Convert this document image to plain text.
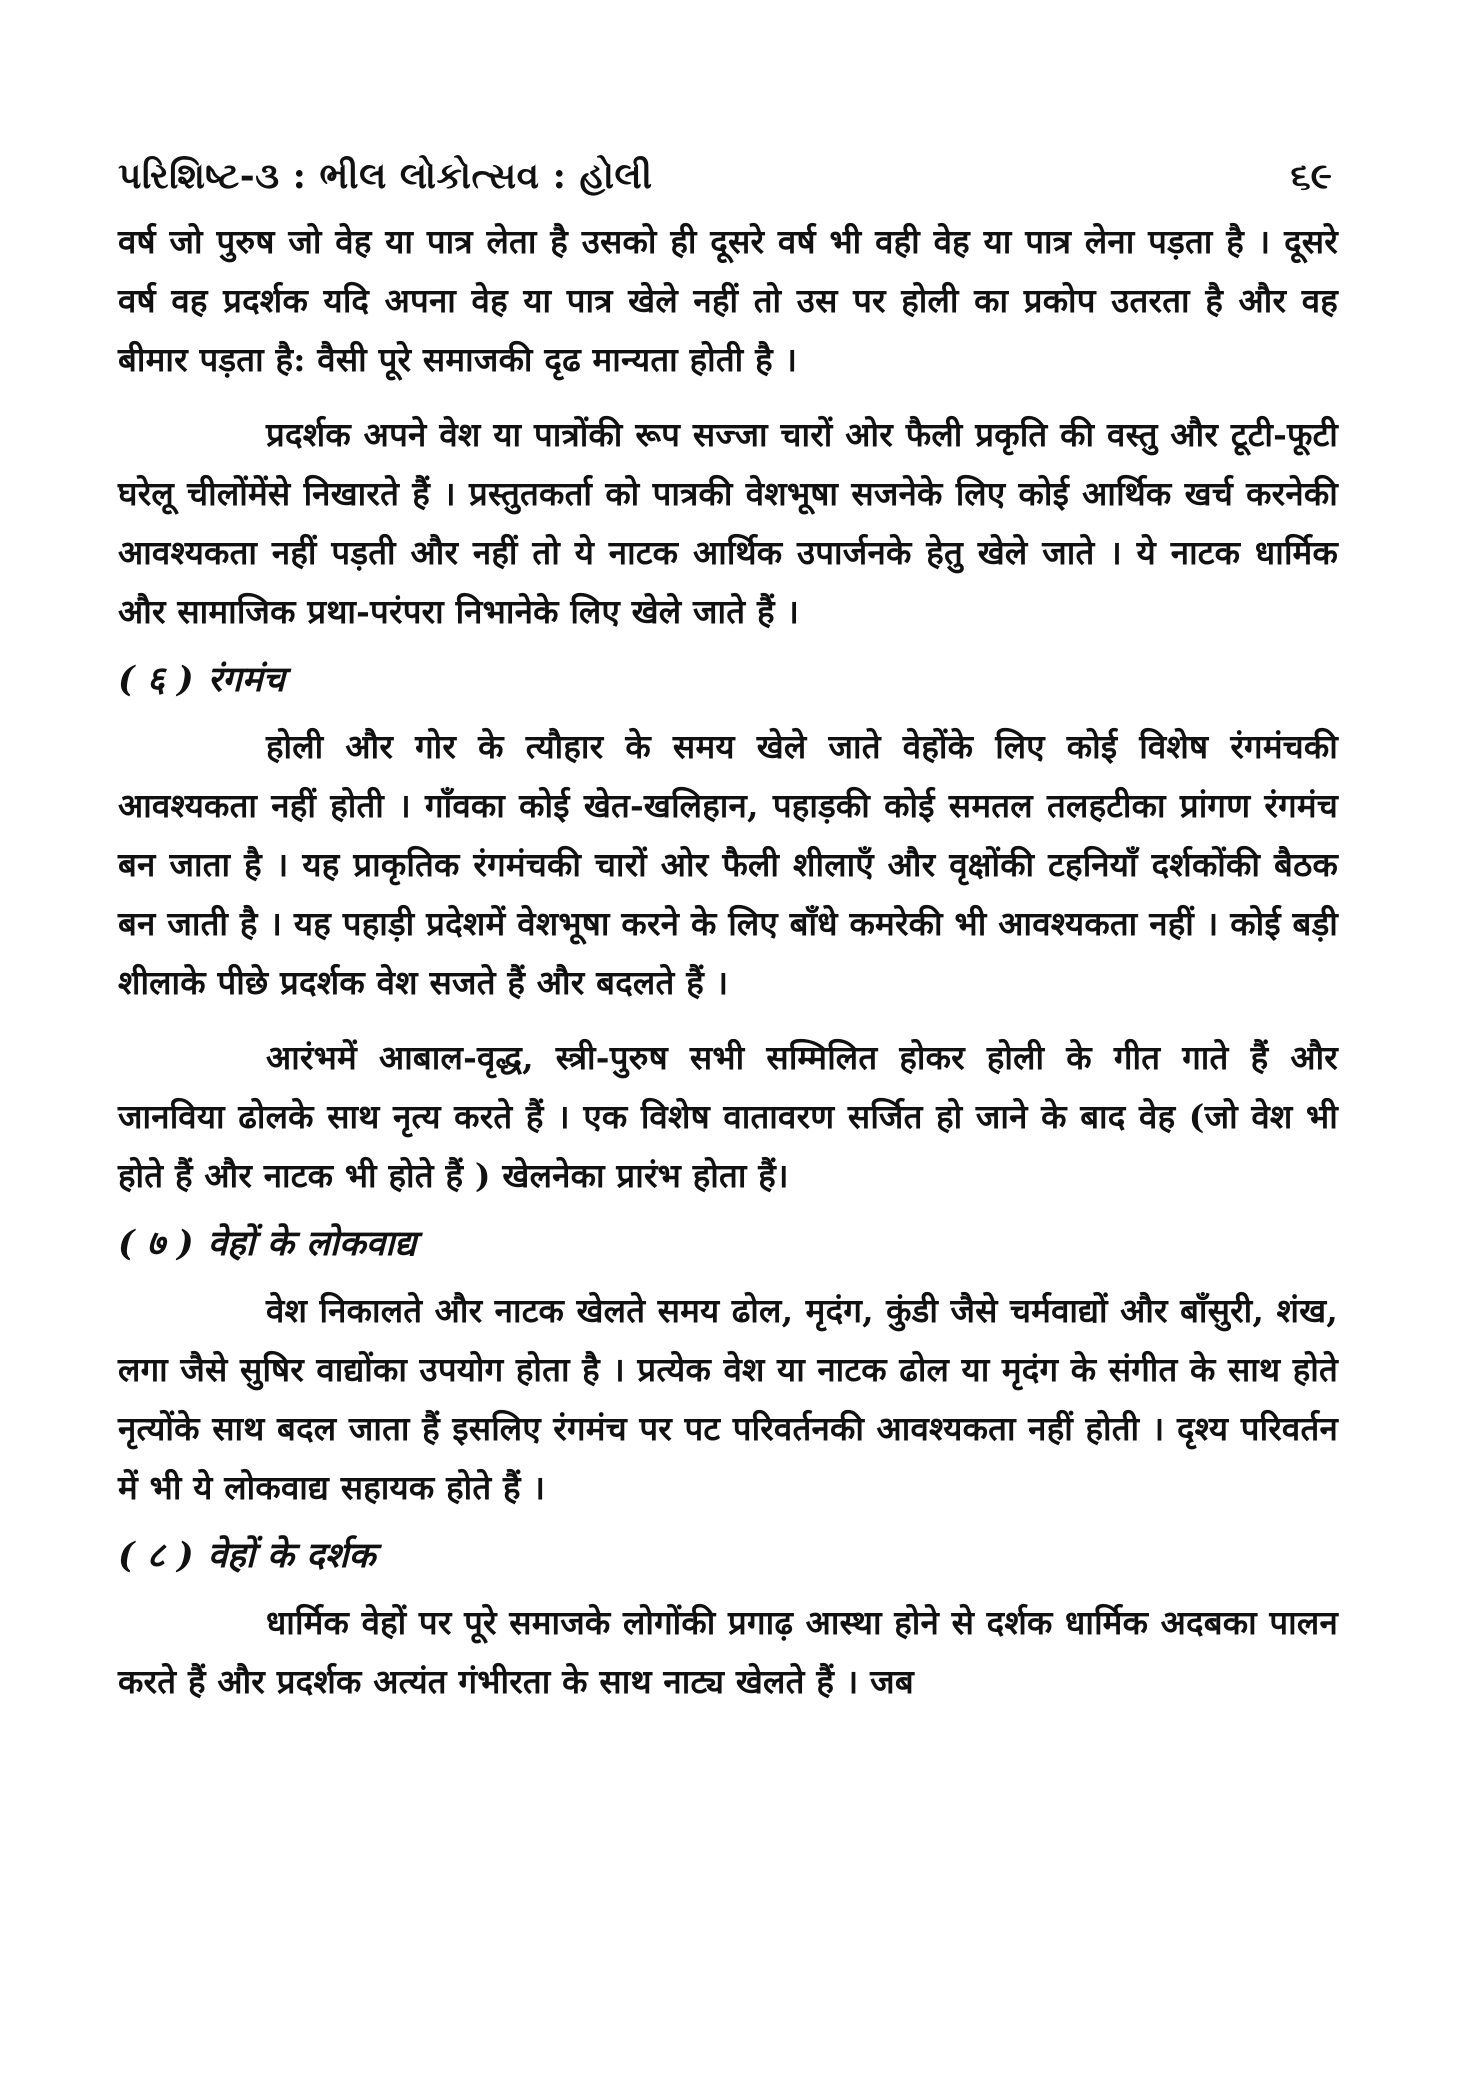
પરિશિષ્ટ-૩ : ભીલ લોકોત્સવ : હોલી	૬૯

वर्ष जो पुरुष जो वेह या पात्र लेता है उसको ही दूसरे वर्ष भी वही वेह या पात्र लेना पड़ता है । दूसरे वर्ष वह प्रदर्शक यदि अपना वेह या पात्र खेले नहीं तो उस पर होली का प्रकोप उतरता है और वह बीमार पड़ता है: वैसी पूरे समाजकी दृढ मान्यता होती है ।

प्रदर्शक अपने वेश या पात्रोंकी रूप सज्जा चारों ओर फैली प्रकृति की वस्तु और टूटी-फूटी घरेलू चीलोंमेंसे निखारते हैं । प्रस्तुतकर्ता को पात्रकी वेशभूषा सजनेके लिए कोई आर्थिक खर्च करनेकी आवश्यकता नहीं पड़ती और नहीं तो ये नाटक आर्थिक उपार्जनके हेतु खेले जाते । ये नाटक धार्मिक और सामाजिक प्रथा-परंपरा निभानेके लिए खेले जाते हैं ।

( ६ ) रंगमंच

होली और गोर के त्यौहार के समय खेले जाते वेहोंके लिए कोई विशेष रंगमंचकी आवश्यकता नहीं होती । गाँवका कोई खेत-खलिहान, पहाड़की कोई समतल तलहटीका प्रांगण रंगमंच बन जाता है । यह प्राकृतिक रंगमंचकी चारों ओर फैली शीलाएँ और वृक्षोंकी टहनियाँ दर्शकोंकी बैठक बन जाती है । यह पहाड़ी प्रदेशमें वेशभूषा करने के लिए बाँधे कमरेकी भी आवश्यकता नहीं । कोई बड़ी शीलाके पीछे प्रदर्शक वेश सजते हैं और बदलते हैं ।

आरंभमें आबाल-वृद्ध, स्त्री-पुरुष सभी सम्मिलित होकर होली के गीत गाते हैं और जानविया ढोलके साथ नृत्य करते हैं । एक विशेष वातावरण सर्जित हो जाने के बाद वेह (जो वेश भी होते हैं और नाटक भी होते हैं ) खेलनेका प्रारंभ होता हैं।

( ७ ) वेहों के लोकवाद्य

वेश निकालते और नाटक खेलते समय ढोल, मृदंग, कुंडी जैसे चर्मवाद्यों और बाँसुरी, शंख, लगा जैसे सुषिर वाद्योंका उपयोग होता है । प्रत्येक वेश या नाटक ढोल या मृदंग के संगीत के साथ होते नृत्योंके साथ बदल जाता हैं इसलिए रंगमंच पर पट परिवर्तनकी आवश्यकता नहीं होती । दृश्य परिवर्तन में भी ये लोकवाद्य सहायक होते हैं ।

( ८ ) वेहों के दर्शक

धार्मिक वेहों पर पूरे समाजके लोगोंकी प्रगाढ़ आस्था होने से दर्शक धार्मिक अदबका पालन करते हैं और प्रदर्शक अत्यंत गंभीरता के साथ नाट्य खेलते हैं । जब
